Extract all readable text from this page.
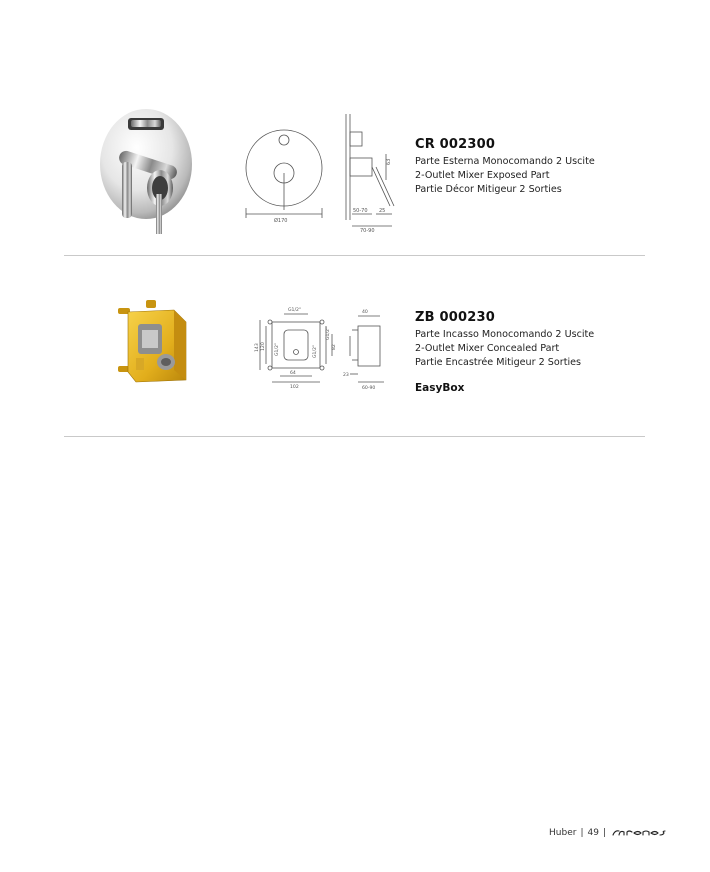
Ø170
50-70 25
70-90
63
CR 002300
Parte Esterna Monocomando 2 Uscite
2-Outlet Mixer Exposed Part
Partie Décor Mitigeur 2 Sorties
G1/2"
G1/2"
G1/2"	G1/2"
143 120
64
102
82
40
23
60-90
ZB 000230
Parte Incasso Monocomando 2 Uscite
2-Outlet Mixer Concealed Part
Partie Encastrée Mitigeur 2 Sorties
EasyBox
Huber | 49 |
